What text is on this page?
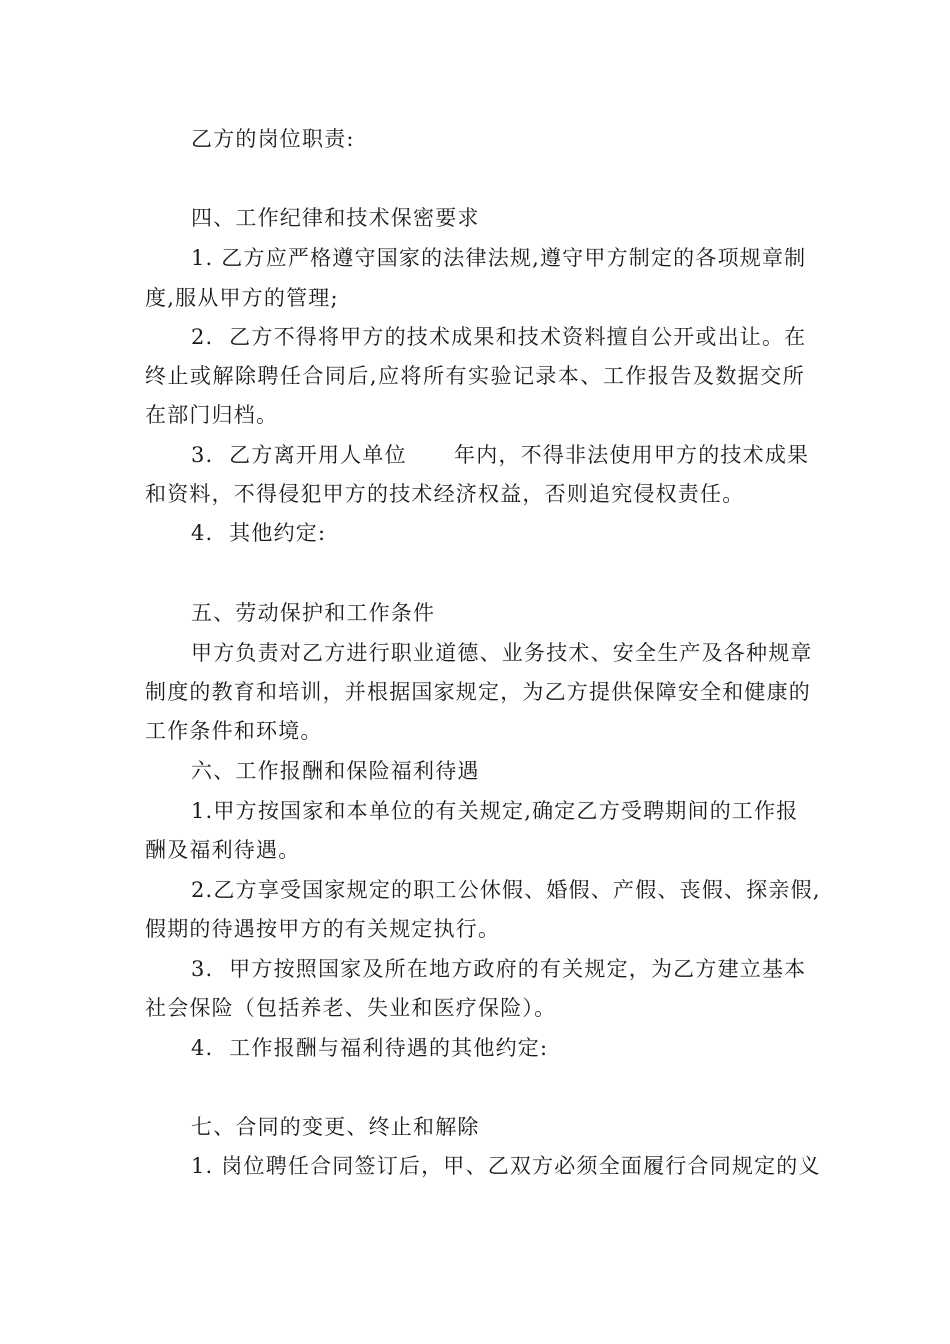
乙方的岗位职责:
四、工作纪律和技术保密要求
1. 乙方应严格遵守国家的法律法规,遵守甲方制定的各项规章制
度,服从甲方的管理;
2.  乙方不得将甲方的技术成果和技术资料擅自公开或出让。在
终止或解除聘任合同后,应将所有实验记录本、工作报告及数据交所
在部门归档。
3.  乙方离开用人单位      年内，不得非法使用甲方的技术成果
和资料，不得侵犯甲方的技术经济权益，否则追究侵权责任。
4.  其他约定:
五、劳动保护和工作条件
甲方负责对乙方进行职业道德、业务技术、安全生产及各种规章
制度的教育和培训，并根据国家规定，为乙方提供保障安全和健康的
工作条件和环境。
六、工作报酬和保险福利待遇
1.甲方按国家和本单位的有关规定,确定乙方受聘期间的工作报
酬及福利待遇。
2.乙方享受国家规定的职工公休假、婚假、产假、丧假、探亲假,
假期的待遇按甲方的有关规定执行。
3.  甲方按照国家及所在地方政府的有关规定，为乙方建立基本
社会保险（包括养老、失业和医疗保险）。
4.  工作报酬与福利待遇的其他约定:
七、合同的变更、终止和解除
1. 岗位聘任合同签订后，甲、乙双方必须全面履行合同规定的义
